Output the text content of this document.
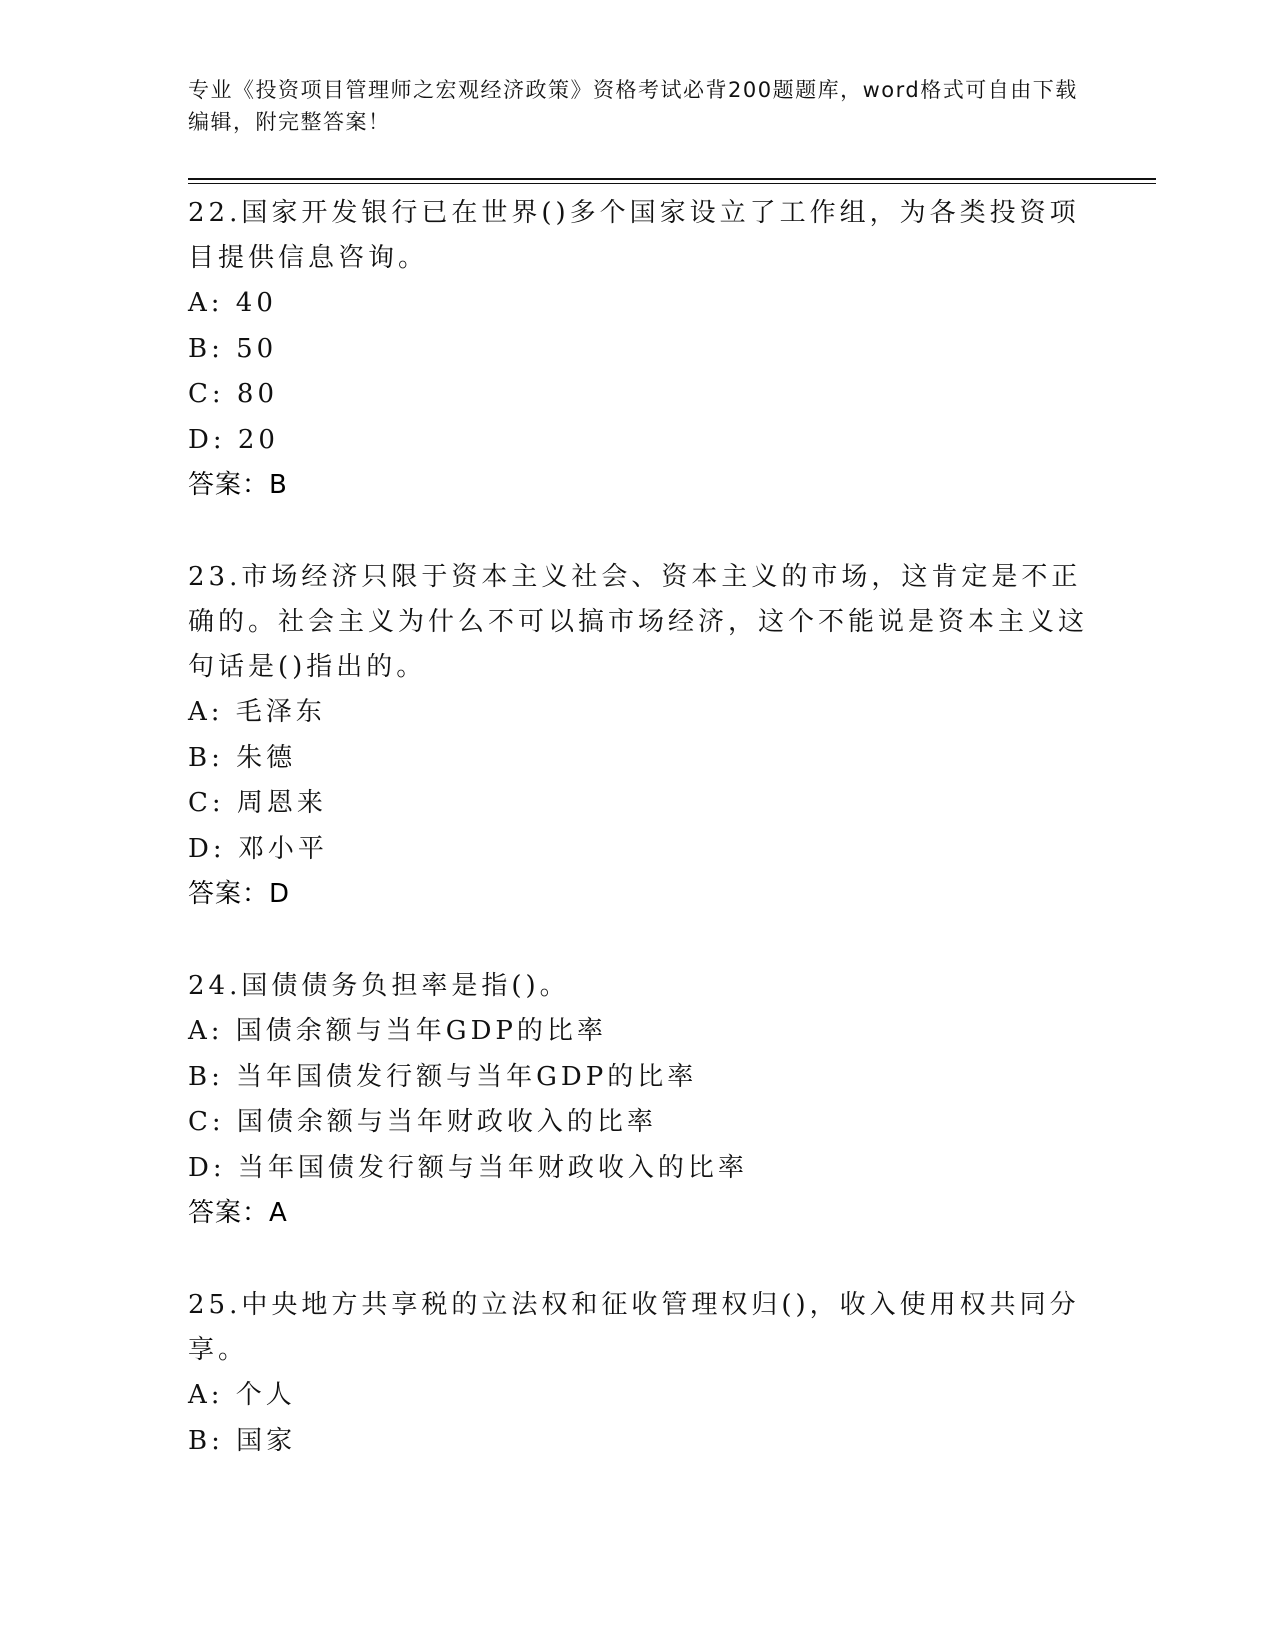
专业《投资项目管理师之宏观经济政策》资格考试必背200题题库，word格式可自由下载编辑，附完整答案！
22.国家开发银行已在世界()多个国家设立了工作组，为各类投资项目提供信息咨询。
A: 40
B: 50
C: 80
D: 20
答案：B
23.市场经济只限于资本主义社会、资本主义的市场，这肯定是不正确的。社会主义为什么不可以搞市场经济，这个不能说是资本主义这句话是()指出的。
A: 毛泽东
B: 朱德
C: 周恩来
D: 邓小平
答案：D
24.国债债务负担率是指()。
A: 国债余额与当年GDP的比率
B: 当年国债发行额与当年GDP的比率
C: 国债余额与当年财政收入的比率
D: 当年国债发行额与当年财政收入的比率
答案：A
25.中央地方共享税的立法权和征收管理权归()，收入使用权共同分享。
A: 个人
B: 国家
